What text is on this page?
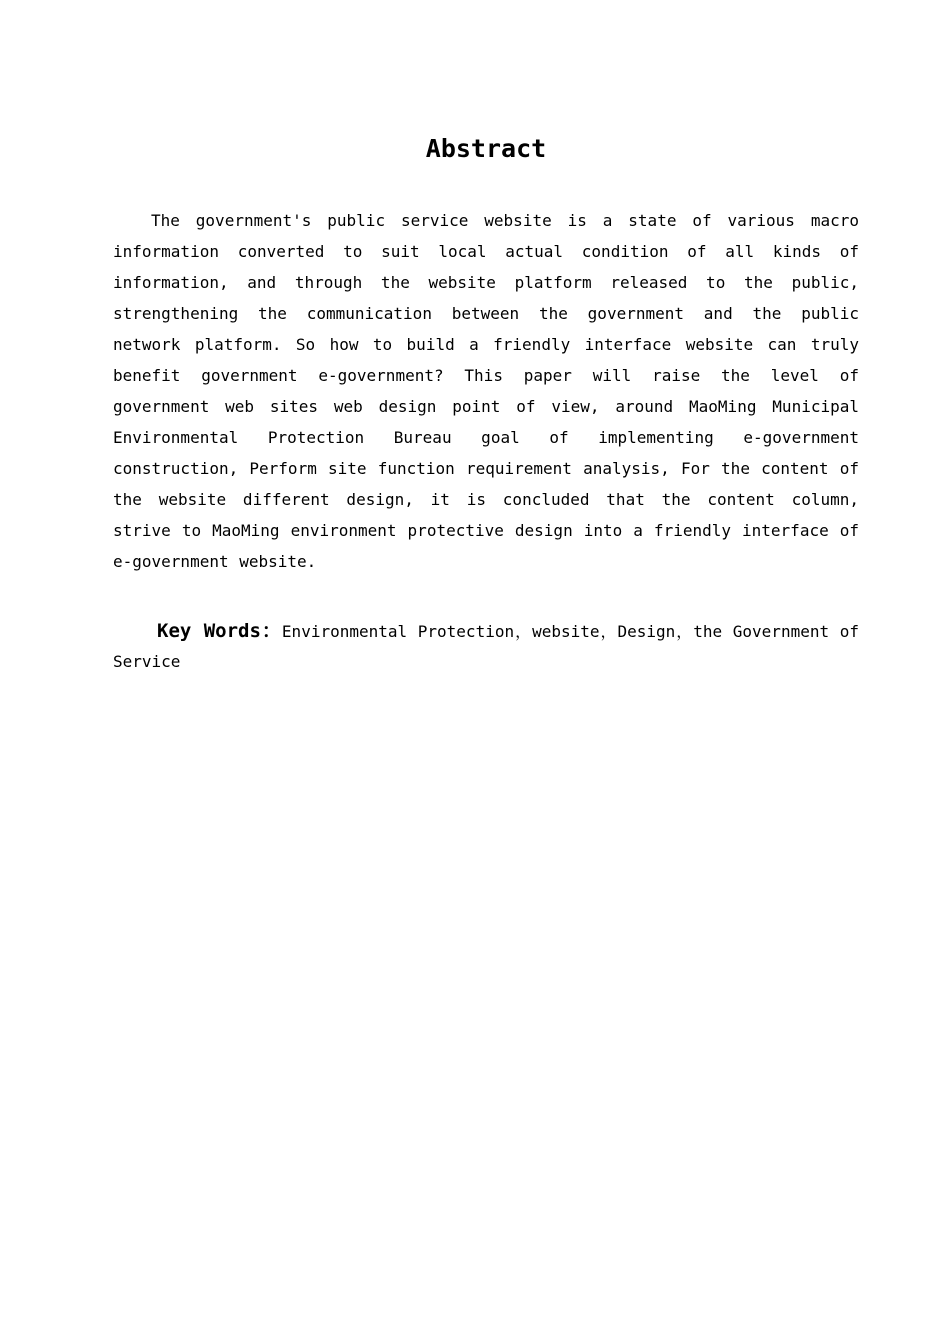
Abstract

The government's public service website is a state of various macro information converted to suit local actual condition of all kinds of information, and through the website platform released to the public, strengthening the communication between the government and the public network platform. So how to build a friendly interface website can truly benefit government e-government? This paper will raise the level of government web sites web design point of view, around MaoMing Municipal Environmental Protection Bureau goal of implementing e-government construction, Perform site function requirement analysis, For the content of the website different design, it is concluded that the content column, strive to MaoMing environment protective design into a friendly interface of e-government website.

Key Words：Environmental Protection，website，Design，the Government of Service
